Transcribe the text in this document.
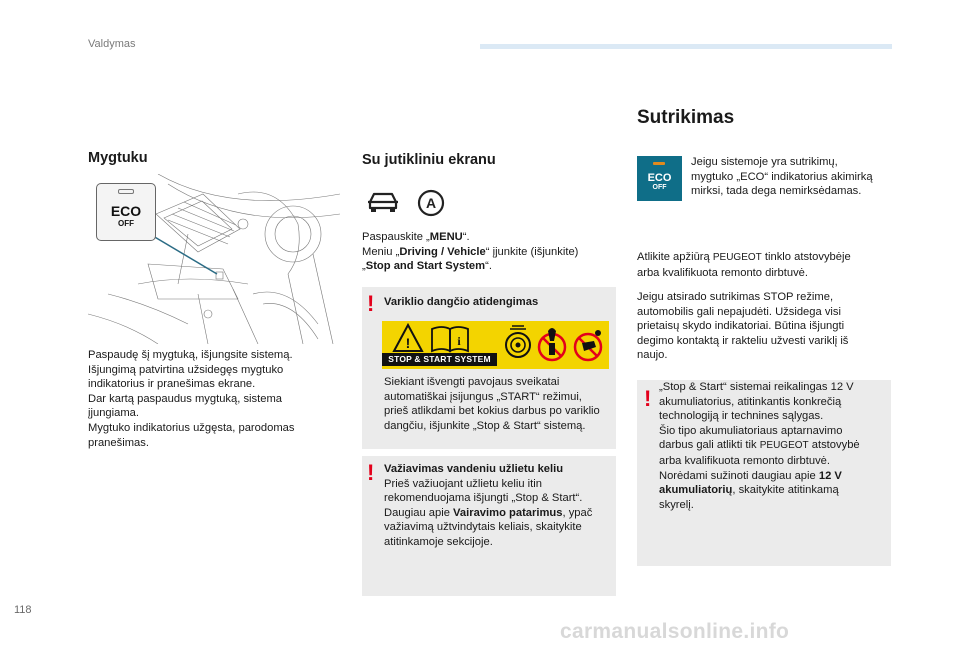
Valdymas
Mygtuku
ECO
OFF
Paspaudę šį mygtuką, išjungsite sistemą.
Išjungimą patvirtina užsidegęs mygtuko
indikatorius ir pranešimas ekrane.
Dar kartą paspaudus mygtuką, sistema
įjungiama.
Mygtuko indikatorius užgęsta, parodomas
pranešimas.
Su jutikliniu ekranu
A
Paspauskite „MENU“.
Meniu „Driving / Vehicle“ įjunkite (išjunkite)
„Stop and Start System“.
! Variklio dangčio atidengimas
!	i
STOP & START SYSTEM
Siekiant išvengti pavojaus sveikatai
automatiškai įsijungus „START“ režimui,
prieš atlikdami bet kokius darbus po variklio
dangčiu, išjunkite „Stop & Start“ sistemą.
! Važiavimas vandeniu užlietu keliu
Prieš važiuojant užlietu keliu itin
rekomenduojama išjungti „Stop & Start“.
Daugiau apie Vairavimo patarimus, ypač
važiavimą užtvindytais keliais, skaitykite
atitinkamoje sekcijoje.
Sutrikimas
ECO
OFF
Jeigu sistemoje yra sutrikimų,
mygtuko „ECO“ indikatorius akimirką
mirksi, tada dega nemirksėdamas.
Atlikite apžiūrą PEUGEOT tinklo atstovybėje
arba kvalifikuota remonto dirbtuvė.
Jeigu atsirado sutrikimas STOP režime,
automobilis gali nepajudėti. Užsidega visi
prietaisų skydo indikatoriai. Būtina išjungti
degimo kontaktą ir rakteliu užvesti variklį iš
naujo.
! „Stop & Start“ sistemai reikalingas 12 V
akumuliatorius, atitinkantis konkrečią
technologiją ir technines sąlygas.
Šio tipo akumuliatoriaus aptarnavimo
darbus gali atlikti tik PEUGEOT atstovybė
arba kvalifikuota remonto dirbtuvė.
Norėdami sužinoti daugiau apie 12 V
akumuliatorių, skaitykite atitinkamą
skyrelį.
118
carmanualsonline.info
